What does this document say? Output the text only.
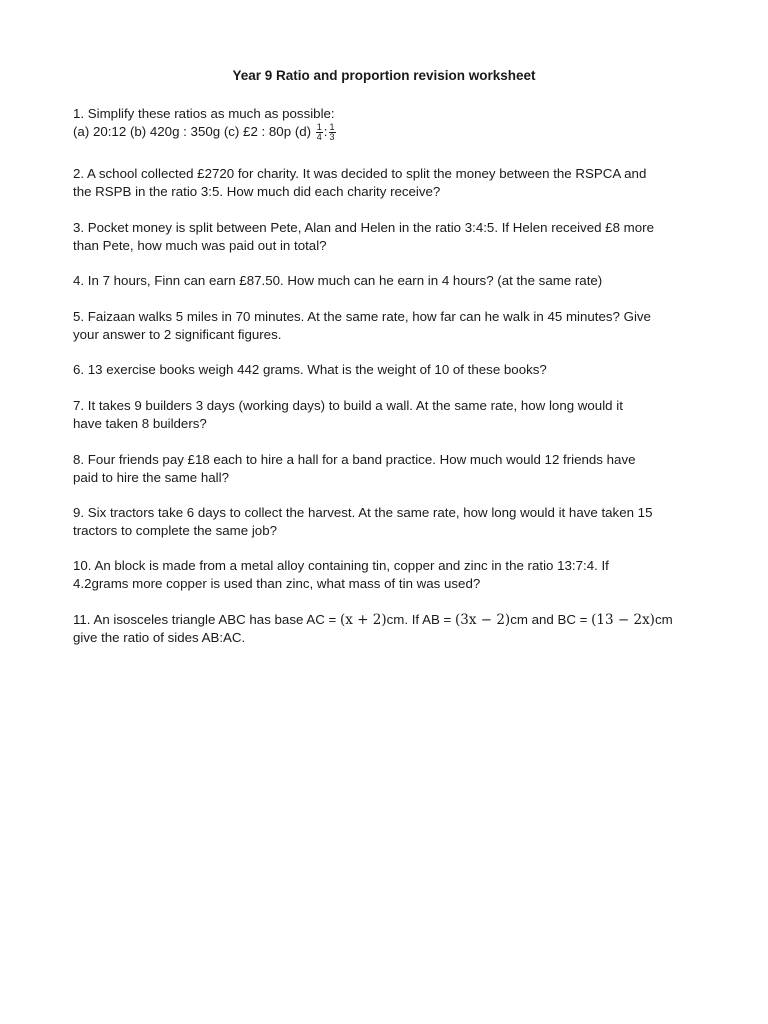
Year 9 Ratio and proportion revision worksheet

1. Simplify these ratios as much as possible:

(a) 20:12 (b) 420g : 350g (c) £2 : 80p $(d) \frac{1}{4}$ : $\frac{1}{3}$

2. A school collected £2720 for charity. It was decided to split the money between the RSPCA and

the RSPB in the ratio 3:5. How much did each charity receive?

3. Pocket money is split between Pete, Alan and Helen in the ratio 3:4:5. If Helen received £8 more

than Pete, how much was paid out in total?

4. In 7 hours, Finn can earn £87.50. How much can he earn in 4 hours? (at the same rate)

5. Faizaan walks 5 miles in 70 minutes. At the same rate, how far can he walk in 45 minutes? Give

your answer to 2 significant figures.

6. 13 exercise books weigh 442 grams. What is the weight of 10 of these books?

7. It takes 9 builders 3 days (working days) to build a wall. At the same rate, how long would it

have taken 8 builders?

8. Four friends pay £18 each to hire a hall for a band practice. How much would 12 friends have

paid to hire the same hall?

9. Six tractors take 6 days to collect the harvest. At the same rate, how long would it have taken 15

tractors to complete the same job?

10. An block is made from a metal alloy containing tin, copper and zinc in the ratio 13:7:4. If

4.2grams more copper is used than zinc, what mass of tin was used?

11. An isosceles triangle ABC has base AC = (x + 2)cm. If AB = (3x − 2)cm and BC = (13 − 2x)cm

give the ratio of sides AB:AC.
